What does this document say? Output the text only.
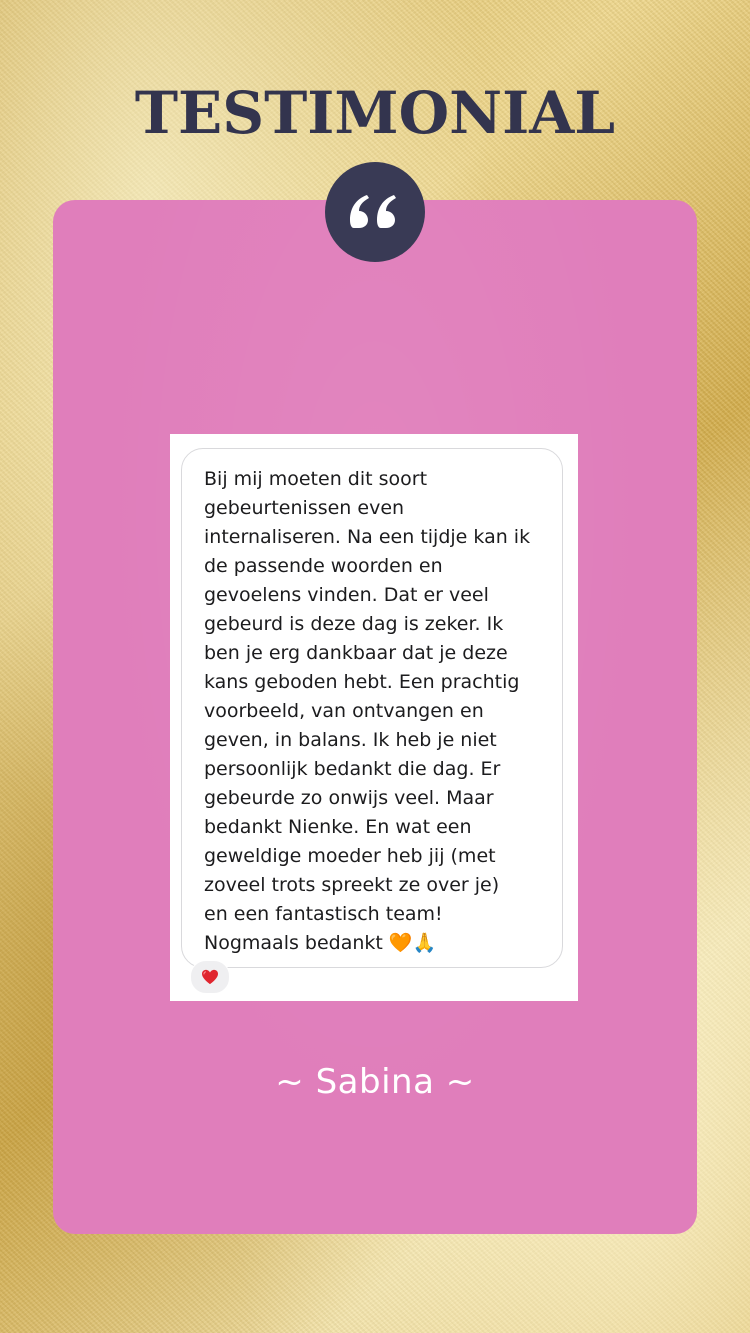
TESTIMONIAL

Bij mij moeten dit soort
gebeurtenissen even
internaliseren. Na een tijdje kan ik
de passende woorden en
gevoelens vinden. Dat er veel
gebeurd is deze dag is zeker. Ik
ben je erg dankbaar dat je deze
kans geboden hebt. Een prachtig
voorbeeld, van ontvangen en
geven, in balans. Ik heb je niet
persoonlijk bedankt die dag. Er
gebeurde zo onwijs veel. Maar
bedankt Nienke. En wat een
geweldige moeder heb jij (met
zoveel trots spreekt ze over je)
en een fantastisch team!
Nogmaals bedankt 🧡🙏

~ Sabina ~
